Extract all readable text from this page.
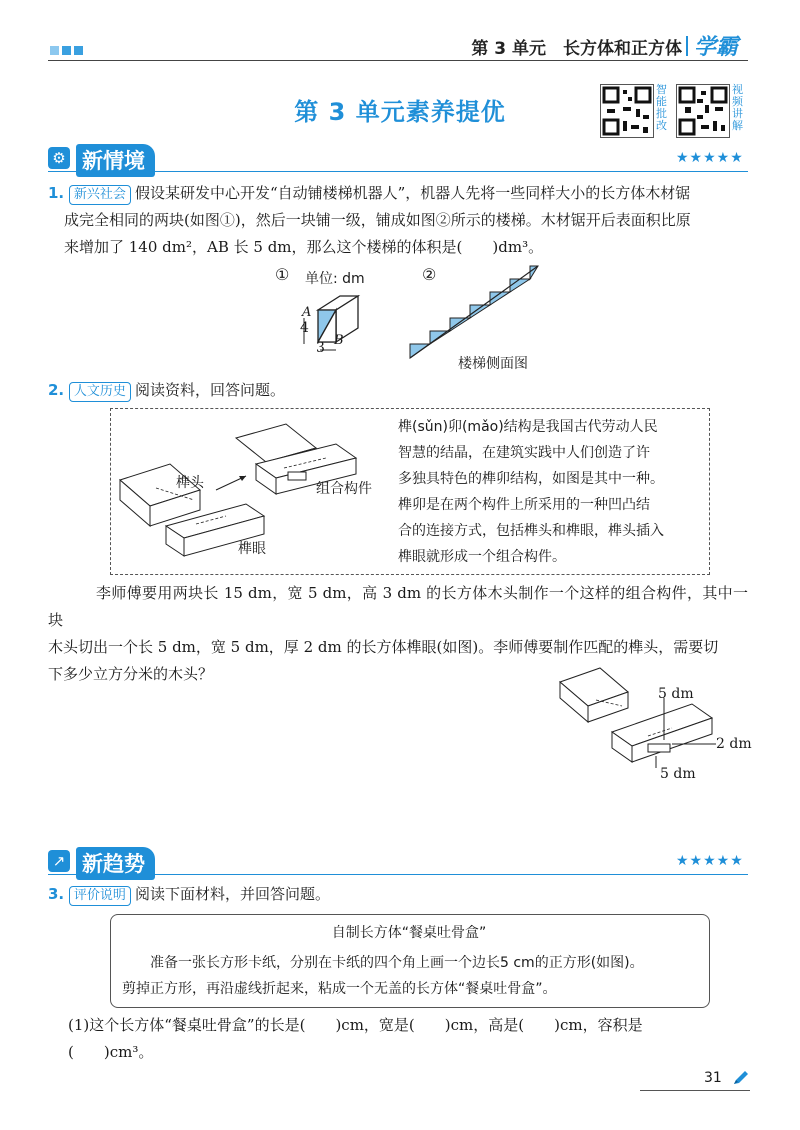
第 3 单元　长方体和正方体 学霸
第 3 单元素养提优
智能批改
视频讲解
⚙ 新情境	★★★★★
1. 新兴社会 假设某研发中心开发“自动铺楼梯机器人”，机器人先将一些同样大小的长方体木材锯
成完全相同的两块(如图①)，然后一块铺一级，铺成如图②所示的楼梯。木材锯开后表面积比原
来增加了 140 dm²，AB 长 5 dm，那么这个楼梯的体积是(　　)dm³。
① 单位: dm
A
4
3 B
②
楼梯侧面图
2. 人文历史 阅读资料，回答问题。
榫头
榫眼
组合构件
榫(sǔn)卯(mǎo)结构是我国古代劳动人民
智慧的结晶，在建筑实践中人们创造了许
多独具特色的榫卯结构，如图是其中一种。
榫卯是在两个构件上所采用的一种凹凸结
合的连接方式，包括榫头和榫眼，榫头插入
榫眼就形成一个组合构件。
李师傅要用两块长 15 dm，宽 5 dm，高 3 dm 的长方体木头制作一个这样的组合构件，其中一块
木头切出一个长 5 dm，宽 5 dm，厚 2 dm 的长方体榫眼(如图)。李师傅要制作匹配的榫头，需要切
下多少立方分米的木头？
5 dm
2 dm
5 dm
↗ 新趋势	★★★★★
3. 评价说明 阅读下面材料，并回答问题。
自制长方体“餐桌吐骨盒”
准备一张长方形卡纸，分别在卡纸的四个角上画一个边长5 cm的正方形(如图)。
剪掉正方形，再沿虚线折起来，粘成一个无盖的长方体“餐桌吐骨盒”。
(1)这个长方体“餐桌吐骨盒”的长是(　　)cm，宽是(　　)cm，高是(　　)cm，容积是
(　　)cm³。
31
